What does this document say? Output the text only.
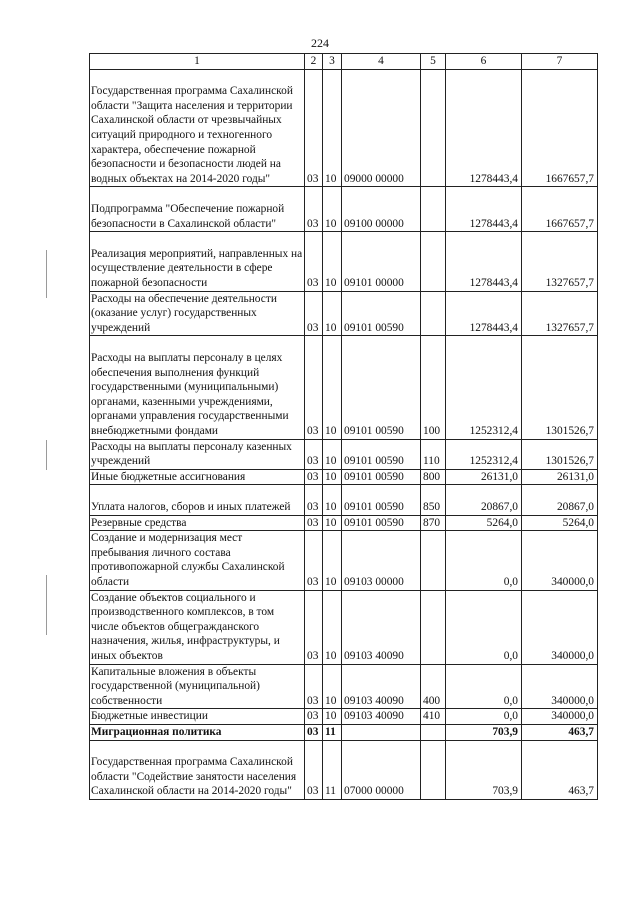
224
1	2	3	4	5	6	7
Государственная программа Сахалинской области "Защита населения и территории Сахалинской области от чрезвычайных ситуаций природного и техногенного характера, обеспечение пожарной безопасности и безопасности людей на водных объектах на 2014-2020 годы"	03	10	09000 00000		1278443,4	1667657,7
Подпрограмма "Обеспечение пожарной безопасности в Сахалинской области"	03	10	09100 00000		1278443,4	1667657,7
Реализация мероприятий, направленных на осуществление деятельности в сфере пожарной безопасности	03	10	09101 00000		1278443,4	1327657,7
Расходы на обеспечение деятельности (оказание услуг) государственных учреждений	03	10	09101 00590		1278443,4	1327657,7
Расходы на выплаты персоналу в целях обеспечения выполнения функций государственными (муниципальными) органами, казенными учреждениями, органами управления государственными внебюджетными фондами	03	10	09101 00590	100	1252312,4	1301526,7
Расходы на выплаты персоналу казенных учреждений	03	10	09101 00590	110	1252312,4	1301526,7
Иные бюджетные ассигнования	03	10	09101 00590	800	26131,0	26131,0
Уплата налогов, сборов и иных платежей	03	10	09101 00590	850	20867,0	20867,0
Резервные средства	03	10	09101 00590	870	5264,0	5264,0
Создание и модернизация мест пребывания личного состава противопожарной службы Сахалинской области	03	10	09103 00000		0,0	340000,0
Создание объектов социального и производственного комплексов, в том числе объектов общегражданского назначения, жилья, инфраструктуры, и иных объектов	03	10	09103 40090		0,0	340000,0
Капитальные вложения в объекты государственной (муниципальной) собственности	03	10	09103 40090	400	0,0	340000,0
Бюджетные инвестиции	03	10	09103 40090	410	0,0	340000,0
Миграционная политика	03	11			703,9	463,7
Государственная программа Сахалинской области "Содействие занятости населения Сахалинской области на 2014-2020 годы"	03	11	07000 00000		703,9	463,7
